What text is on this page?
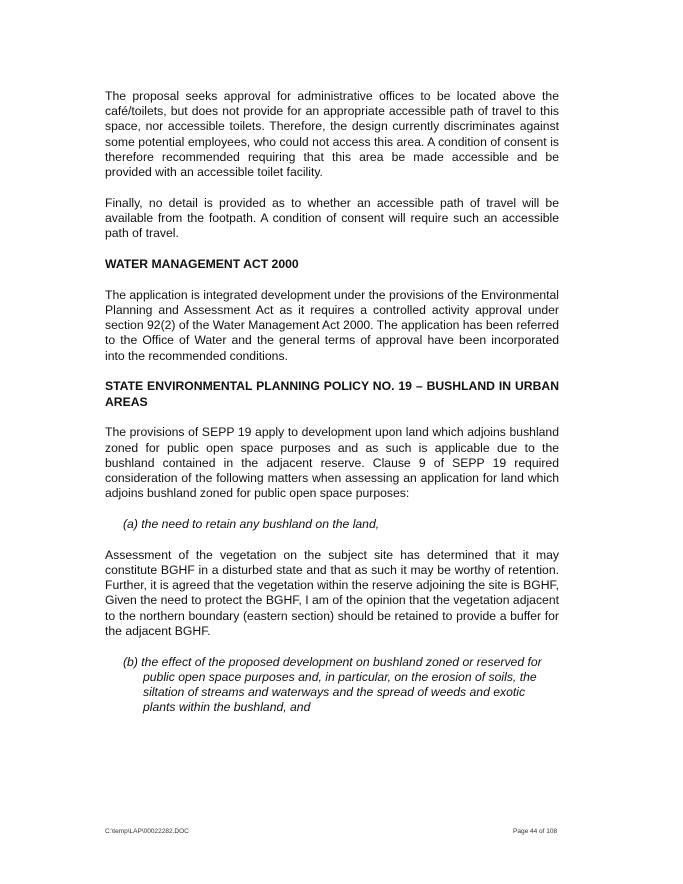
The proposal seeks approval for administrative offices to be located above the café/toilets, but does not provide for an appropriate accessible path of travel to this space, nor accessible toilets. Therefore, the design currently discriminates against some potential employees, who could not access this area. A condition of consent is therefore recommended requiring that this area be made accessible and be provided with an accessible toilet facility.

Finally, no detail is provided as to whether an accessible path of travel will be available from the footpath. A condition of consent will require such an accessible path of travel.

WATER MANAGEMENT ACT 2000

The application is integrated development under the provisions of the Environmental Planning and Assessment Act as it requires a controlled activity approval under section 92(2) of the Water Management Act 2000. The application has been referred to the Office of Water and the general terms of approval have been incorporated into the recommended conditions.

STATE ENVIRONMENTAL PLANNING POLICY NO. 19 – BUSHLAND IN URBAN AREAS

The provisions of SEPP 19 apply to development upon land which adjoins bushland zoned for public open space purposes and as such is applicable due to the bushland contained in the adjacent reserve. Clause 9 of SEPP 19 required consideration of the following matters when assessing an application for land which adjoins bushland zoned for public open space purposes:

(a) the need to retain any bushland on the land,

Assessment of the vegetation on the subject site has determined that it may constitute BGHF in a disturbed state and that as such it may be worthy of retention. Further, it is agreed that the vegetation within the reserve adjoining the site is BGHF, Given the need to protect the BGHF, I am of the opinion that the vegetation adjacent to the northern boundary (eastern section) should be retained to provide a buffer for the adjacent BGHF.

(b) the effect of the proposed development on bushland zoned or reserved for public open space purposes and, in particular, on the erosion of soils, the siltation of streams and waterways and the spread of weeds and exotic plants within the bushland, and

C:\temp\LAP\00022282.DOC	Page 44 of 108
